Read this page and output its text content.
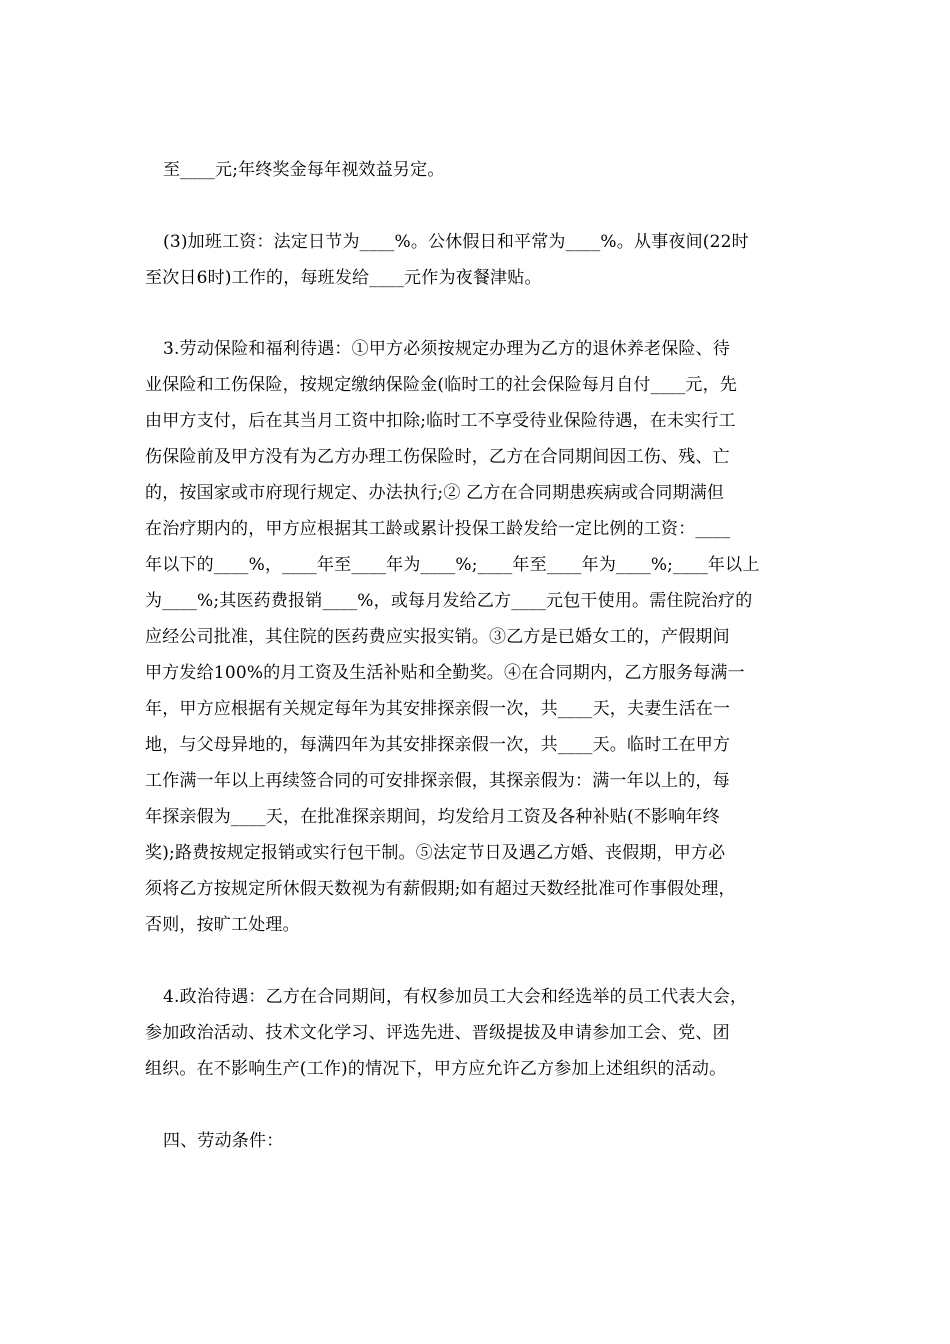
至____元;年终奖金每年视效益另定。
(3)加班工资：法定日节为____%。公休假日和平常为____%。从事夜间(22时
至次日6时)工作的，每班发给____元作为夜餐津贴。
3.劳动保险和福利待遇：①甲方必须按规定办理为乙方的退休养老保险、待
业保险和工伤保险，按规定缴纳保险金(临时工的社会保险每月自付____元，先
由甲方支付，后在其当月工资中扣除;临时工不享受待业保险待遇，在未实行工
伤保险前及甲方没有为乙方办理工伤保险时，乙方在合同期间因工伤、残、亡
的，按国家或市府现行规定、办法执行;② 乙方在合同期患疾病或合同期满但
在治疗期内的，甲方应根据其工龄或累计投保工龄发给一定比例的工资：____
年以下的____%，____年至____年为____%;____年至____年为____%;____年以上
为____%;其医药费报销____%，或每月发给乙方____元包干使用。需住院治疗的
应经公司批准，其住院的医药费应实报实销。③乙方是已婚女工的，产假期间
甲方发给100%的月工资及生活补贴和全勤奖。④在合同期内，乙方服务每满一
年，甲方应根据有关规定每年为其安排探亲假一次，共____天，夫妻生活在一
地，与父母异地的，每满四年为其安排探亲假一次，共____天。临时工在甲方
工作满一年以上再续签合同的可安排探亲假，其探亲假为：满一年以上的，每
年探亲假为____天，在批准探亲期间，均发给月工资及各种补贴(不影响年终
奖);路费按规定报销或实行包干制。⑤法定节日及遇乙方婚、丧假期，甲方必
须将乙方按规定所休假天数视为有薪假期;如有超过天数经批准可作事假处理，
否则，按旷工处理。
4.政治待遇：乙方在合同期间，有权参加员工大会和经选举的员工代表大会，
参加政治活动、技术文化学习、评选先进、晋级提拔及申请参加工会、党、团
组织。在不影响生产(工作)的情况下，甲方应允许乙方参加上述组织的活动。
四、劳动条件：
